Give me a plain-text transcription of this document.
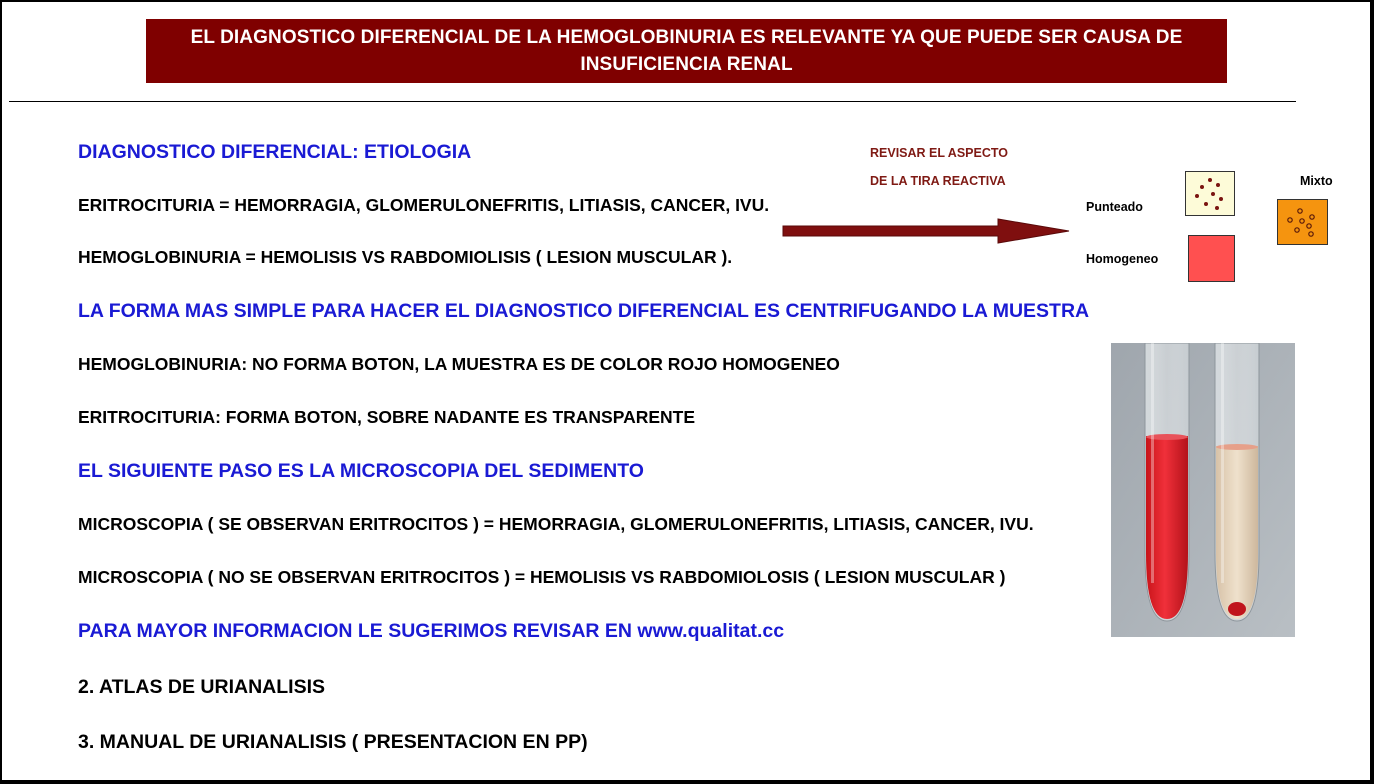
EL DIAGNOSTICO DIFERENCIAL DE LA HEMOGLOBINURIA ES RELEVANTE YA QUE PUEDE SER CAUSA DE
INSUFICIENCIA RENAL
DIAGNOSTICO DIFERENCIAL: ETIOLOGIA
ERITROCITURIA = HEMORRAGIA, GLOMERULONEFRITIS, LITIASIS, CANCER, IVU.
HEMOGLOBINURIA = HEMOLISIS VS RABDOMIOLISIS ( LESION MUSCULAR ).
LA FORMA MAS SIMPLE PARA HACER EL DIAGNOSTICO DIFERENCIAL ES CENTRIFUGANDO LA MUESTRA
HEMOGLOBINURIA: NO FORMA BOTON, LA MUESTRA ES DE COLOR ROJO HOMOGENEO
ERITROCITURIA: FORMA BOTON, SOBRE NADANTE ES TRANSPARENTE
EL SIGUIENTE PASO ES LA MICROSCOPIA DEL SEDIMENTO
MICROSCOPIA ( SE OBSERVAN ERITROCITOS ) = HEMORRAGIA, GLOMERULONEFRITIS, LITIASIS, CANCER, IVU.
MICROSCOPIA ( NO SE OBSERVAN ERITROCITOS ) = HEMOLISIS VS RABDOMIOLOSIS ( LESION MUSCULAR )
PARA MAYOR INFORMACION LE SUGERIMOS REVISAR EN www.qualitat.cc
2. ATLAS DE URIANALISIS
3. MANUAL DE URIANALISIS ( PRESENTACION EN PP)
REVISAR EL ASPECTO
DE LA TIRA REACTIVA
Punteado
Homogeneo
Mixto
